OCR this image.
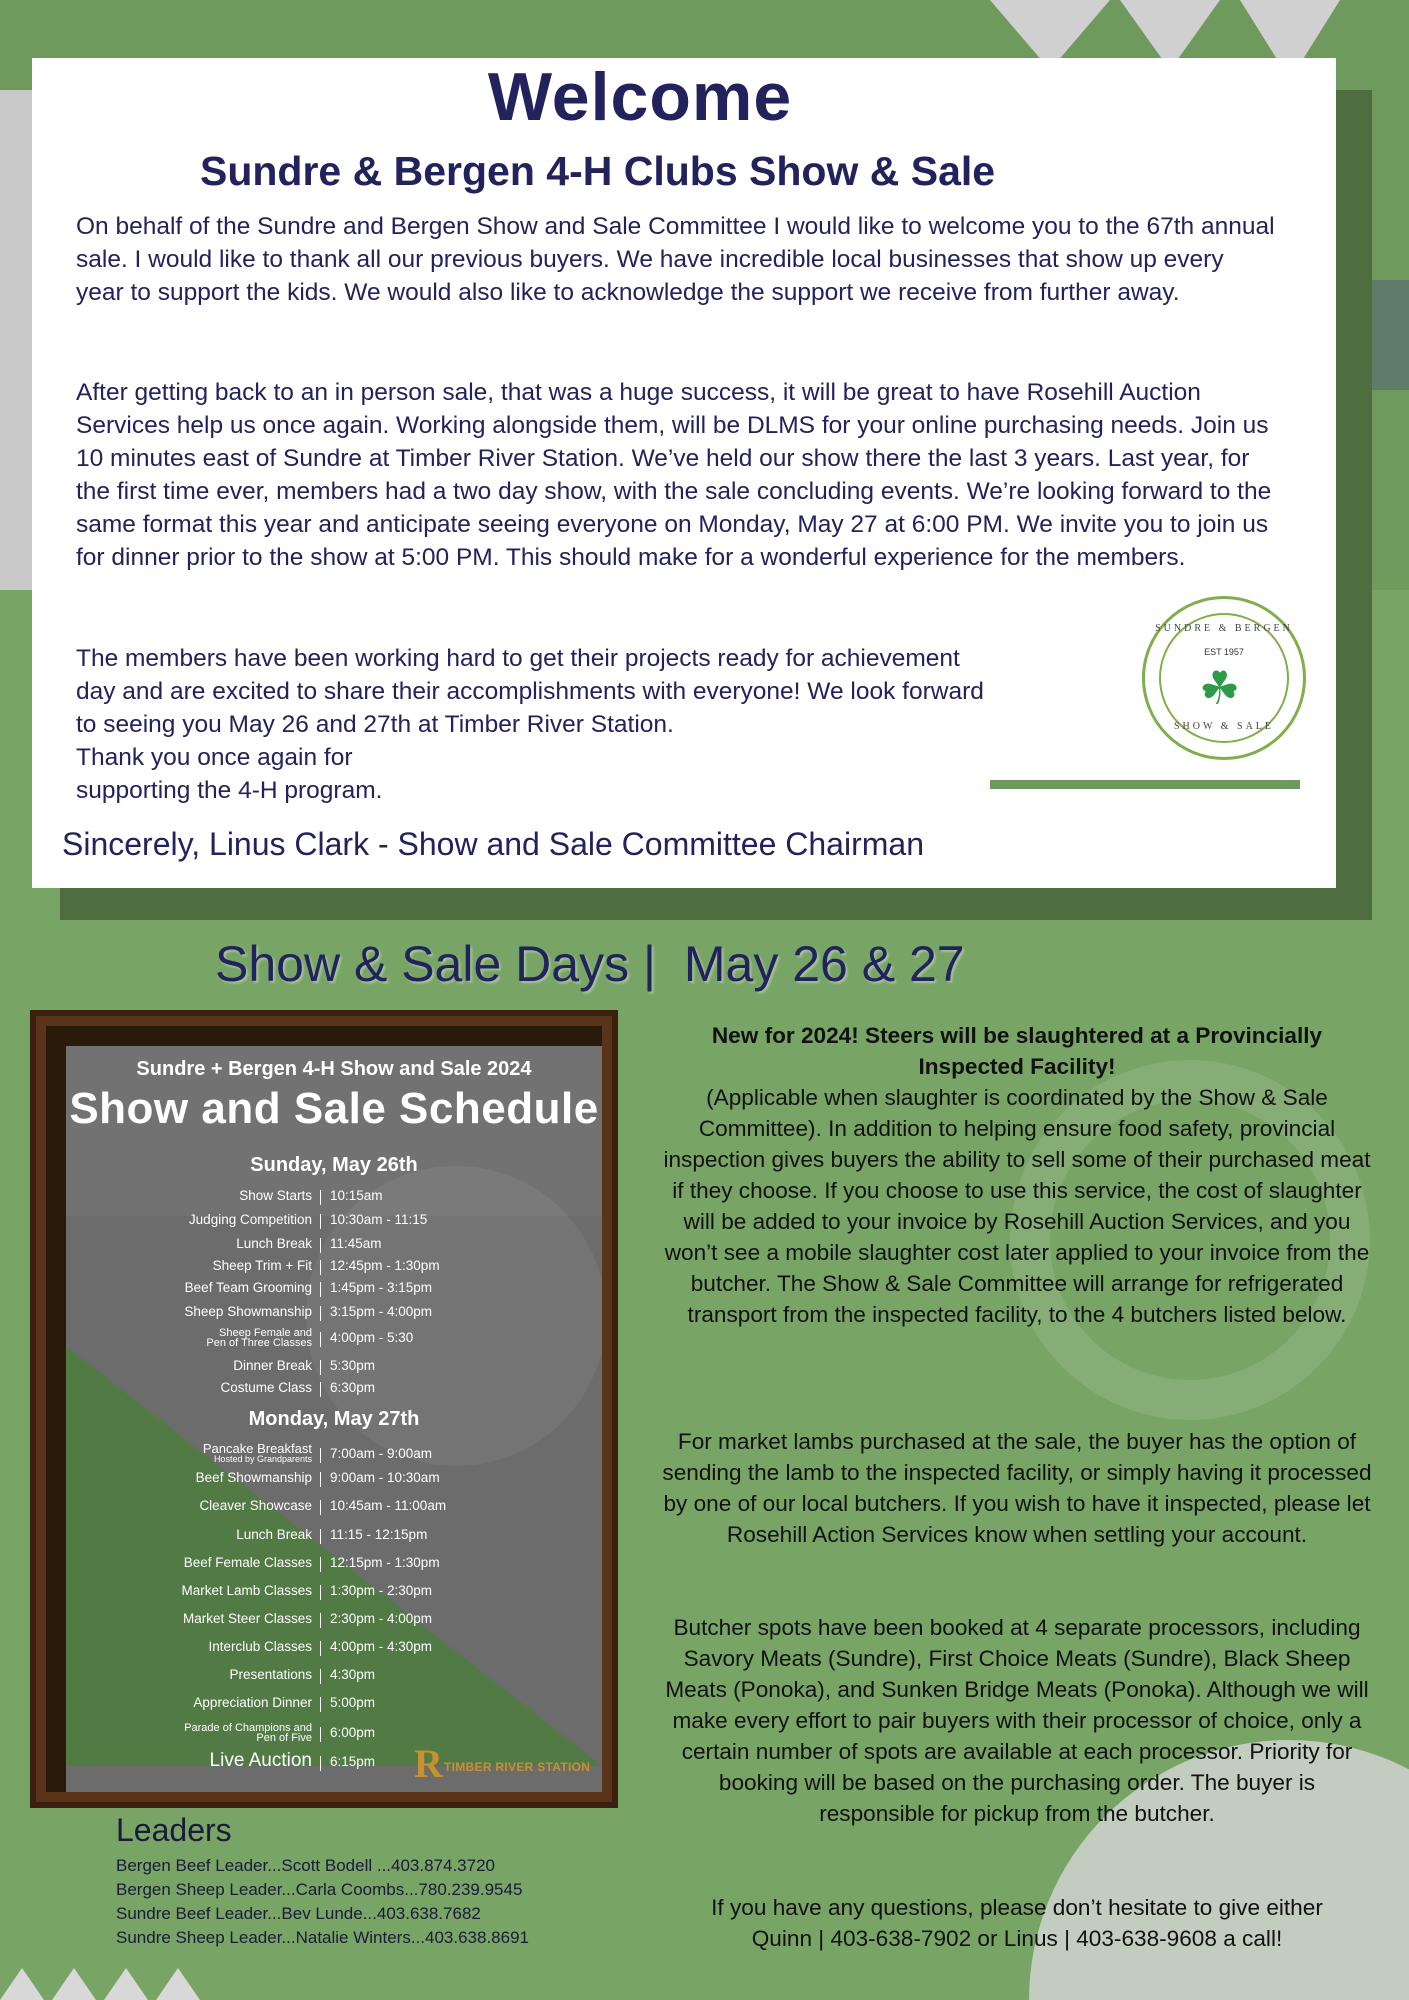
Welcome
Sundre & Bergen 4-H Clubs Show & Sale
On behalf of the Sundre and Bergen Show and Sale Committee I would like to welcome you to the 67th annual sale. I would like to thank all our previous buyers. We have incredible local businesses that show up every year to support the kids. We would also like to acknowledge the support we receive from further away.
After getting back to an in person sale, that was a huge success, it will be great to have Rosehill Auction Services help us once again. Working alongside them, will be DLMS for your online purchasing needs. Join us 10 minutes east of Sundre at Timber River Station. We’ve held our show there the last 3 years. Last year, for the first time ever, members had a two day show, with the sale concluding events. We’re looking forward to the same format this year and anticipate seeing everyone on Monday, May 27 at 6:00 PM. We invite you to join us for dinner prior to the show at 5:00 PM. This should make for a wonderful experience for the members.
The members have been working hard to get their projects ready for achievement
day and are excited to share their accomplishments with everyone! We look forward
to seeing you May 26 and 27th at Timber River Station.
Thank you once again for
supporting the 4-H program.
Sincerely, Linus Clark - Show and Sale Committee Chairman
SUNDRE & BERGEN
EST 1957
☘
SHOW & SALE
Show & Sale Days | May 26 & 27
Sundre + Bergen 4-H Show and Sale 2024
Show and Sale Schedule
Sunday, May 26th
Show Starts 10:15am
Judging Competition 10:30am - 11:15
Lunch Break 11:45am
Sheep Trim + Fit 12:45pm - 1:30pm
Beef Team Grooming 1:45pm - 3:15pm
Sheep Showmanship 3:15pm - 4:00pm
Sheep Female and
Pen of Three Classes 4:00pm - 5:30
Dinner Break 5:30pm
Costume Class 6:30pm
Monday, May 27th
Pancake Breakfast
Hosted by Grandparents 7:00am - 9:00am
Beef Showmanship 9:00am - 10:30am
Cleaver Showcase 10:45am - 11:00am
Lunch Break 11:15 - 12:15pm
Beef Female Classes 12:15pm - 1:30pm
Market Lamb Classes 1:30pm - 2:30pm
Market Steer Classes 2:30pm - 4:00pm
Interclub Classes 4:00pm - 4:30pm
Presentations 4:30pm
Appreciation Dinner 5:00pm
Parade of Champions and
Pen of Five 6:00pm
Live Auction 6:15pm R TIMBER RIVER STATION
Leaders
Bergen Beef Leader...Scott Bodell ...403.874.3720
Bergen Sheep Leader...Carla Coombs...780.239.9545
Sundre Beef Leader...Bev Lunde...403.638.7682
Sundre Sheep Leader...Natalie Winters...403.638.8691
New for 2024! Steers will be slaughtered at a Provincially Inspected Facility!
(Applicable when slaughter is coordinated by the Show & Sale Committee). In addition to helping ensure food safety, provincial inspection gives buyers the ability to sell some of their purchased meat if they choose. If you choose to use this service, the cost of slaughter will be added to your invoice by Rosehill Auction Services, and you won’t see a mobile slaughter cost later applied to your invoice from the butcher. The Show & Sale Committee will arrange for refrigerated transport from the inspected facility, to the 4 butchers listed below.
For market lambs purchased at the sale, the buyer has the option of sending the lamb to the inspected facility, or simply having it processed by one of our local butchers. If you wish to have it inspected, please let Rosehill Action Services know when settling your account.
Butcher spots have been booked at 4 separate processors, including Savory Meats (Sundre), First Choice Meats (Sundre), Black Sheep Meats (Ponoka), and Sunken Bridge Meats (Ponoka). Although we will make every effort to pair buyers with their processor of choice, only a certain number of spots are available at each processor. Priority for booking will be based on the purchasing order. The buyer is responsible for pickup from the butcher.
If you have any questions, please don’t hesitate to give either Quinn | 403-638-7902 or Linus | 403-638-9608 a call!
